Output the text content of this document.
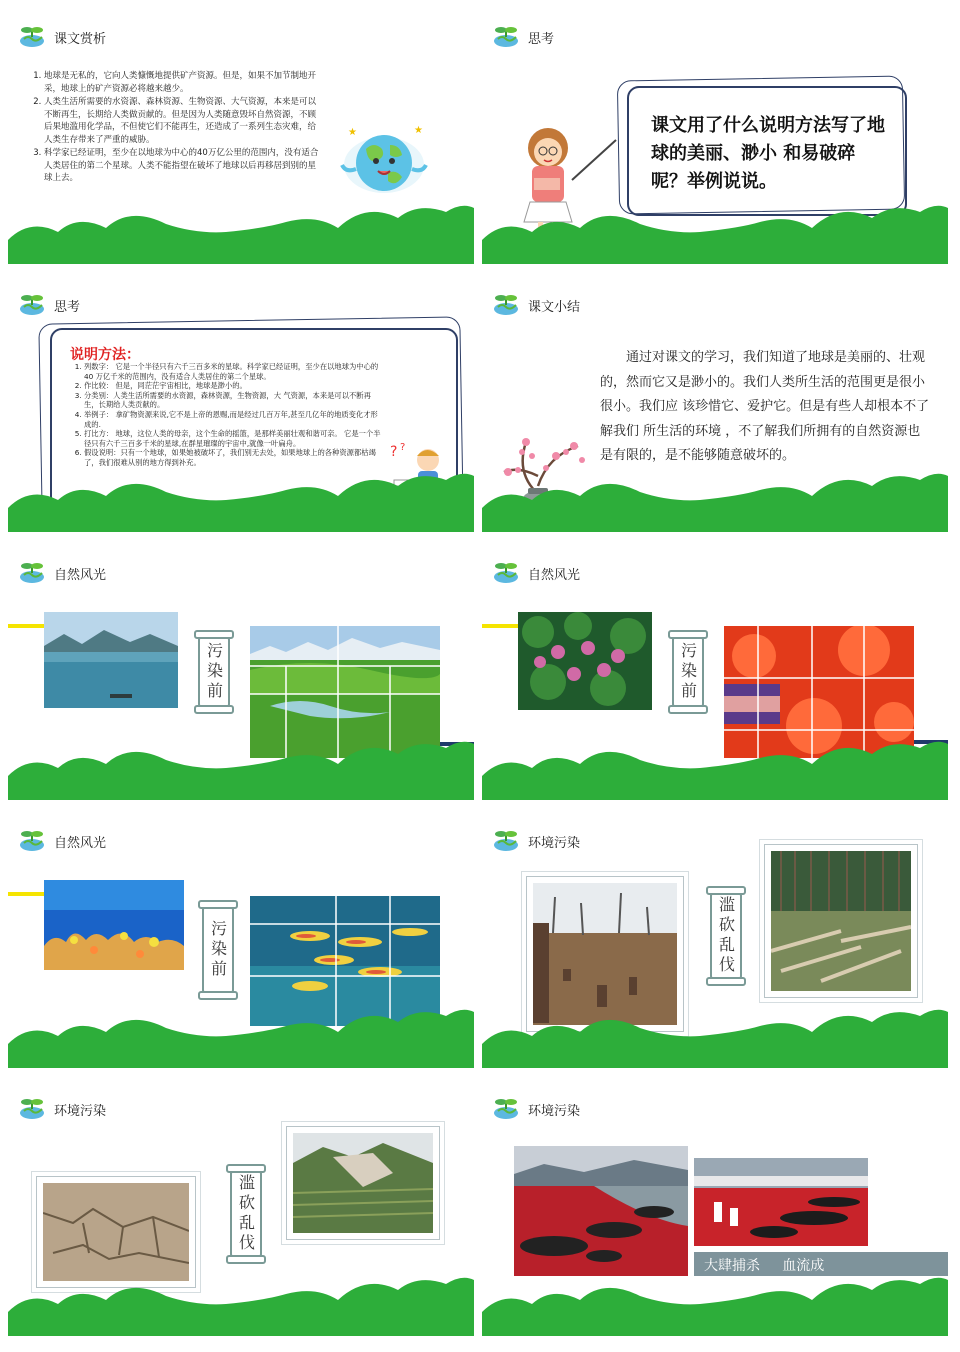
课文赏析
1. 地球是无私的，它向人类慷慨地提供矿产资源。但是，如果不加节制地开采，地球上的矿产资源必将越来越少。
2. 人类生活所需要的水资源、森林资源、生物资源、大气资源，本来是可以不断再生，长期给人类做贡献的。但是因为人类随意毁坏自然资源，不顾后果地滥用化学品，不但使它们不能再生，还造成了一系列生态灾难，给人类生存带来了严重的威胁。
3. 科学家已经证明，至少在以地球为中心的40万亿公里的范围内，没有适合人类居住的第二个星球。人类不能指望在破坏了地球以后再移居到别的星球上去。
★	★
思考
课文用了什么说明方法写了地球的美丽、渺小 和易破碎呢？举例说说。
思考
说明方法：
1. 列数字： 它是一个半径只有六千三百多米的星球。科学家已经证明，至少在以地球为中心的40 万亿千米的范围内，没有适合人类居住的第二个星球。
2. 作比较： 但是，同茫茫宇宙相比，地球是渺小的。
3. 分类别：人类生活所需要的水资源，森林资源，生物资源，大 气资源，本来是可以不断再生，长期给人类贡献的。
4. 举例子： 拿矿物资源来说,它不是上帝的恩赐,而是经过几百万年,甚至几亿年的地质变化才形成的.
5. 打比方： 地球，这位人类的母亲，这个生命的摇篮，是那样美丽壮观和谐可亲。 它是一个半径只有六千三百多千米的星球,在群星璀璨的宇宙中,就像一叶扁舟。
6. 假设说明：只有一个地球，如果她被破坏了，我们别无去处，如果地球上的各种资源都枯竭了，我们很难从别的地方得到补充。
? ?
课文小结
通过对课文的学习，我们知道了地球是美丽的、壮观的，然而它又是渺小的。我们人类所生活的范围更是很小很小。我们应 该珍惜它、爱护它。但是有些人却根本不了解我们 所生活的环境 ，不了解我们所拥有的自然资源也是有限的，是不能够随意破坏的。
自然风光
污染前
自然风光
污染前
自然风光
污染前
环境污染
滥砍乱伐
环境污染
滥砍乱伐
环境污染
大肆捕杀     血流成
